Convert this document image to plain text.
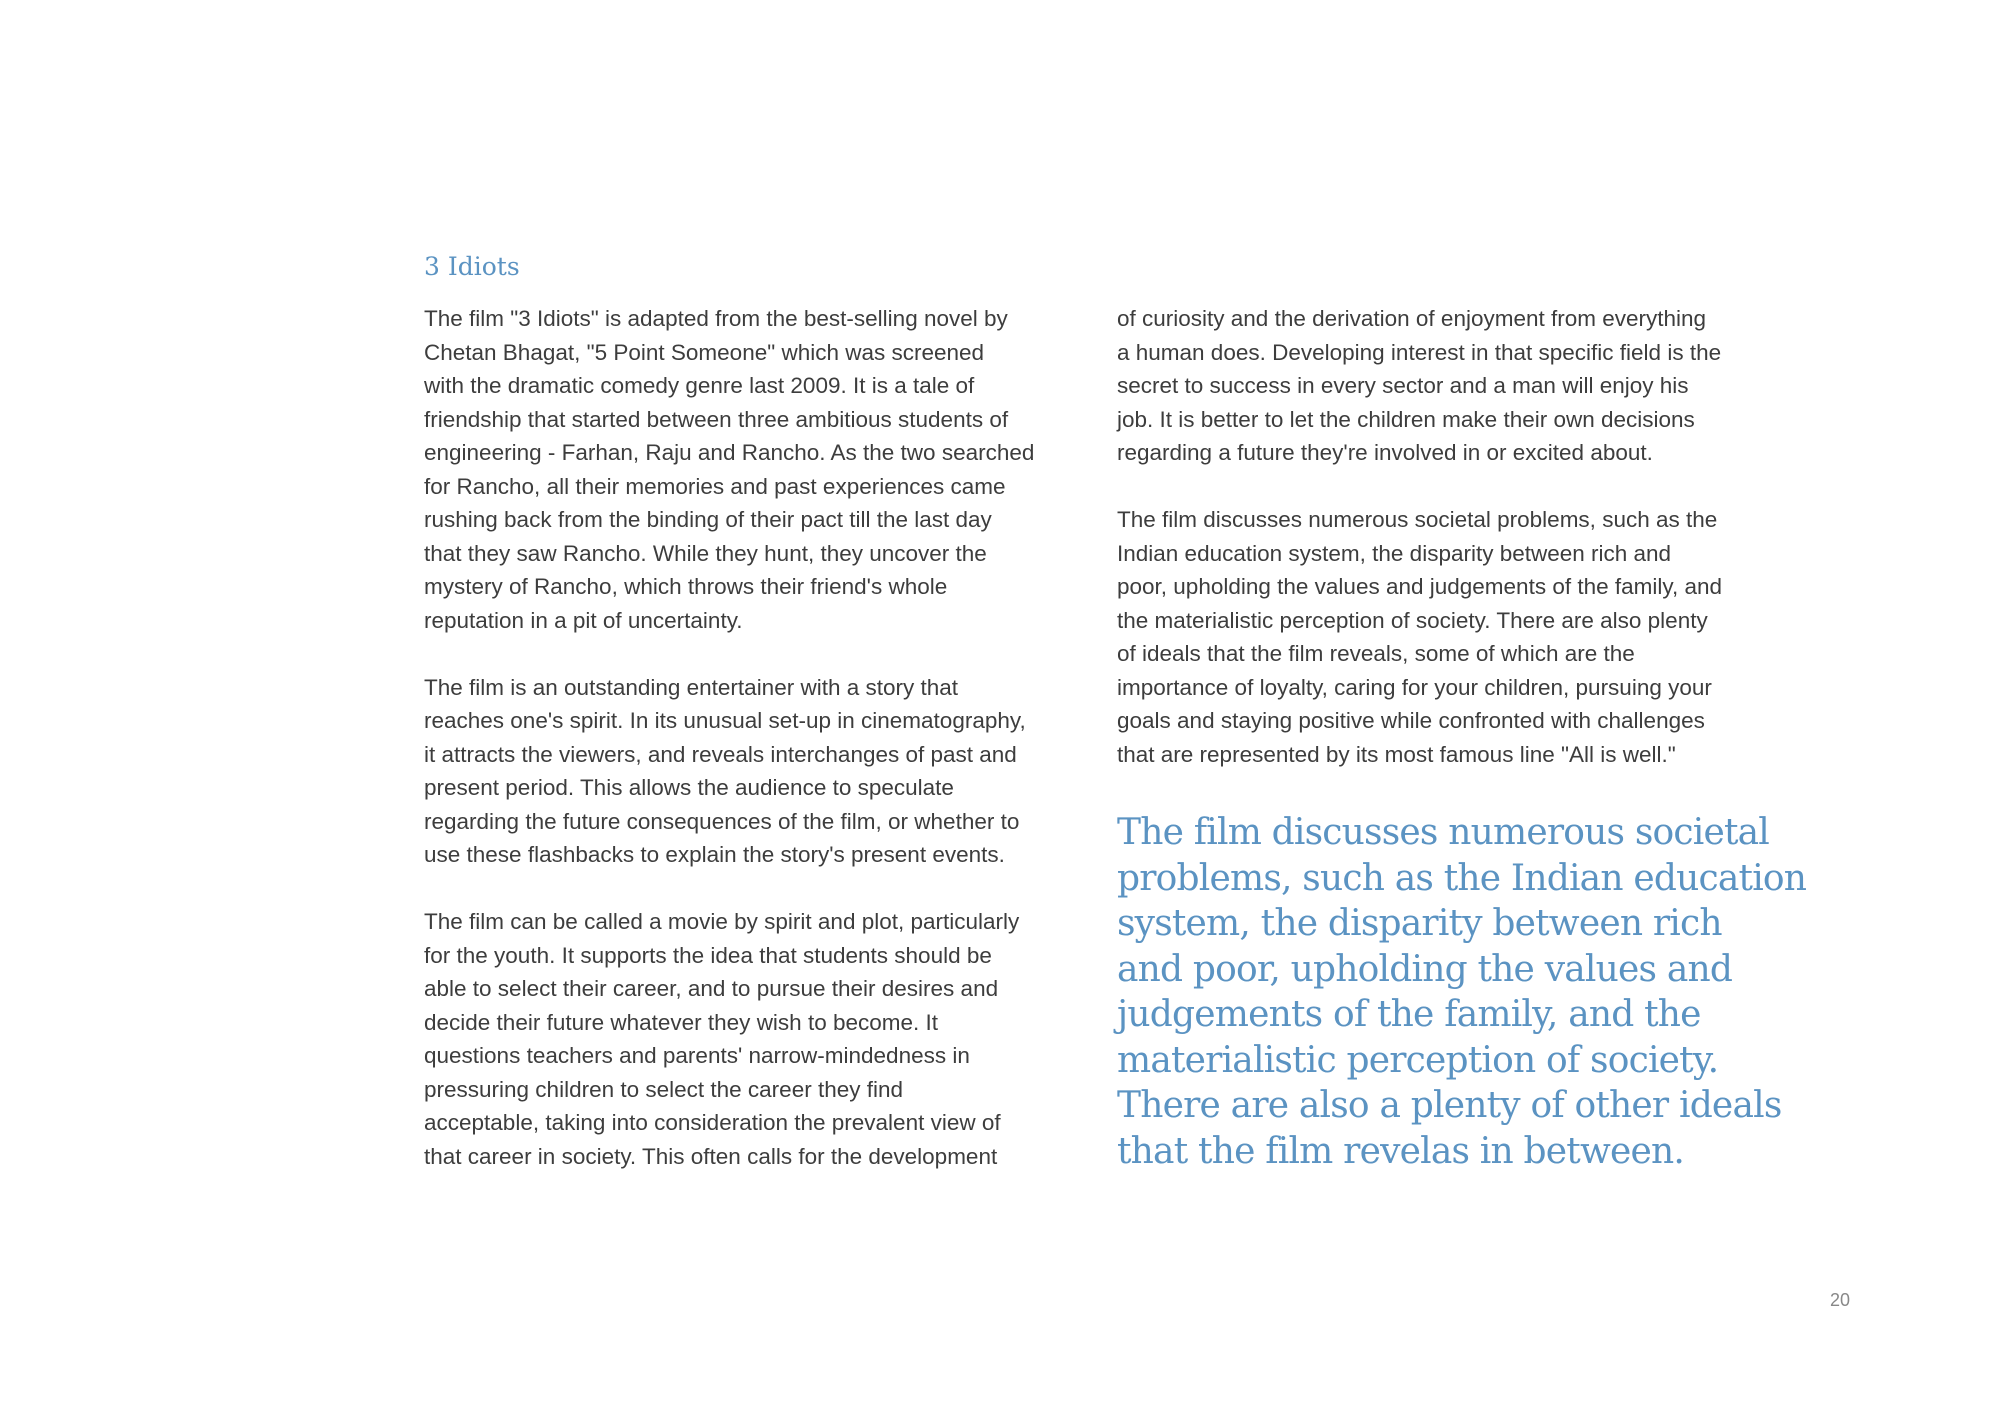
3 Idiots

The film "3 Idiots" is adapted from the best-selling novel by
Chetan Bhagat, "5 Point Someone" which was screened
with the dramatic comedy genre last 2009. It is a tale of
friendship that started between three ambitious students of
engineering - Farhan, Raju and Rancho. As the two searched
for Rancho, all their memories and past experiences came
rushing back from the binding of their pact till the last day
that they saw Rancho. While they hunt, they uncover the
mystery of Rancho, which throws their friend's whole
reputation in a pit of uncertainty.

The film is an outstanding entertainer with a story that
reaches one's spirit. In its unusual set-up in cinematography,
it attracts the viewers, and reveals interchanges of past and
present period. This allows the audience to speculate
regarding the future consequences of the film, or whether to
use these flashbacks to explain the story's present events.

The film can be called a movie by spirit and plot, particularly
for the youth. It supports the idea that students should be
able to select their career, and to pursue their desires and
decide their future whatever they wish to become. It
questions teachers and parents' narrow-mindedness in
pressuring children to select the career they find
acceptable, taking into consideration the prevalent view of
that career in society. This often calls for the development

of curiosity and the derivation of enjoyment from everything
a human does. Developing interest in that specific field is the
secret to success in every sector and a man will enjoy his
job. It is better to let the children make their own decisions
regarding a future they're involved in or excited about.

The film discusses numerous societal problems, such as the
Indian education system, the disparity between rich and
poor, upholding the values and judgements of the family, and
the materialistic perception of society. There are also plenty
of ideals that the film reveals, some of which are the
importance of loyalty, caring for your children, pursuing your
goals and staying positive while confronted with challenges
that are represented by its most famous line "All is well."

The film discusses numerous societal
problems, such as the Indian education
system, the disparity between rich
and poor, upholding the values and
judgements of the family, and the
materialistic perception of society.
There are also a plenty of other ideals
that the film revelas in between.
20
